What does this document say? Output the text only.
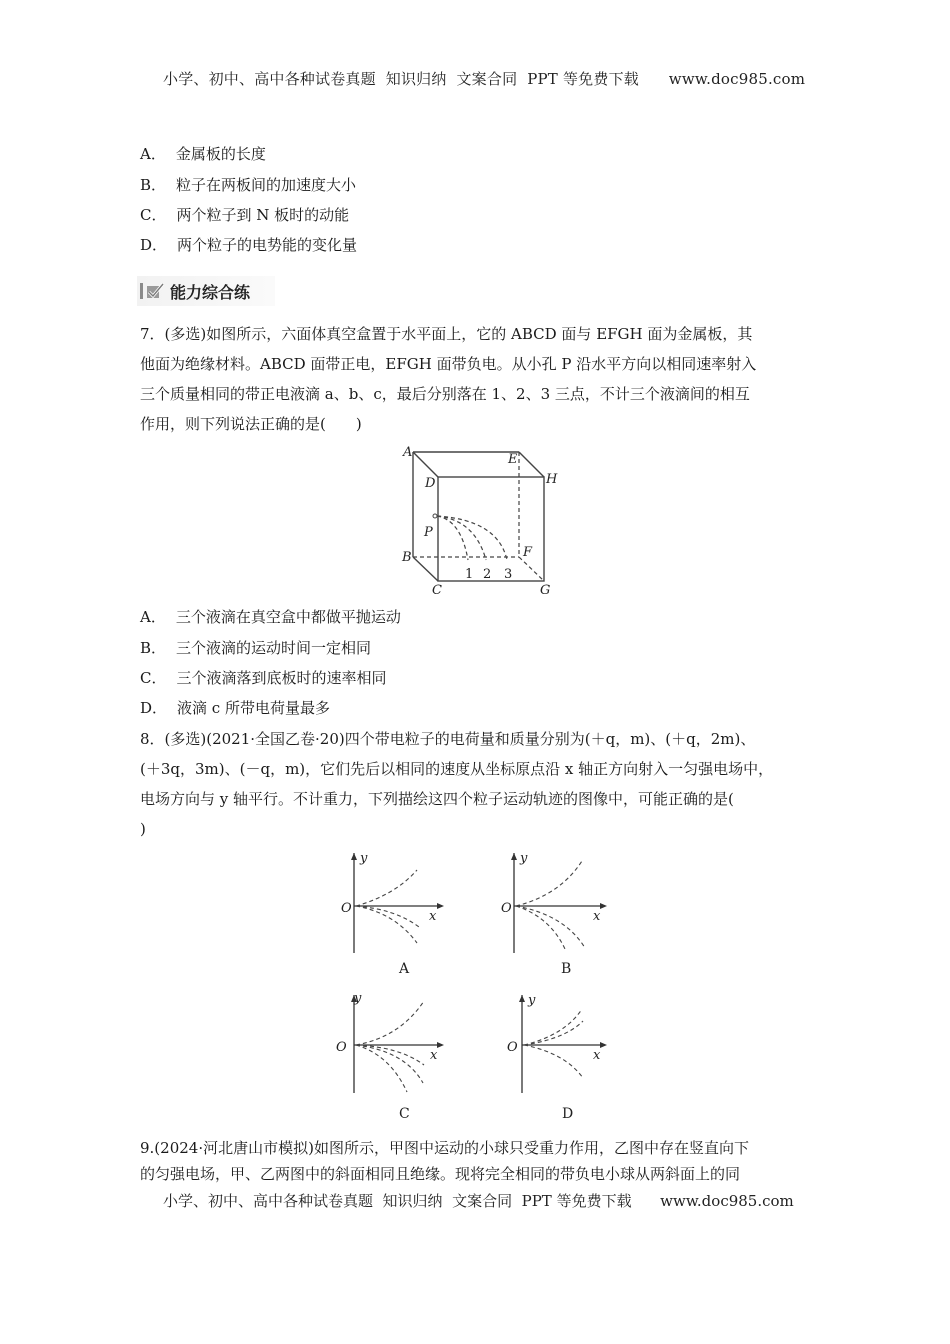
小学、初中、高中各种试卷真题  知识归纳  文案合同  PPT 等免费下载      www.doc985.com
A． 金属板的长度
B． 粒子在两板间的加速度大小
C． 两个粒子到 N 板时的动能
D． 两个粒子的电势能的变化量
能力综合练
7．(多选)如图所示，六面体真空盒置于水平面上，它的 ABCD 面与 EFGH 面为金属板，其
他面为绝缘材料。ABCD 面带正电，EFGH 面带负电。从小孔 P 沿水平方向以相同速率射入
三个质量相同的带正电液滴 a、b、c，最后分别落在 1、2、3 三点，不计三个液滴间的相互
作用，则下列说法正确的是(　　)
A
B
C
D
E
F
G
H
P
1 2 3
A． 三个液滴在真空盒中都做平抛运动
B． 三个液滴的运动时间一定相同
C． 三个液滴落到底板时的速率相同
D． 液滴 c 所带电荷量最多
8．(多选)(2021·全国乙卷·20)四个带电粒子的电荷量和质量分别为(＋q，m)、(＋q，2m)、
(＋3q，3m)、(－q，m)，它们先后以相同的速度从坐标原点沿 x 轴正方向射入一匀强电场中，
电场方向与 y 轴平行。不计重力，下列描绘这四个粒子运动轨迹的图像中，可能正确的是(
)
O
x
y
A
O
x
y
B
O
x
y
C
O
x
y
D
9.(2024·河北唐山市模拟)如图所示，甲图中运动的小球只受重力作用，乙图中存在竖直向下
的匀强电场，甲、乙两图中的斜面相同且绝缘。现将完全相同的带负电小球从两斜面上的同
小学、初中、高中各种试卷真题  知识归纳  文案合同  PPT 等免费下载      www.doc985.com
